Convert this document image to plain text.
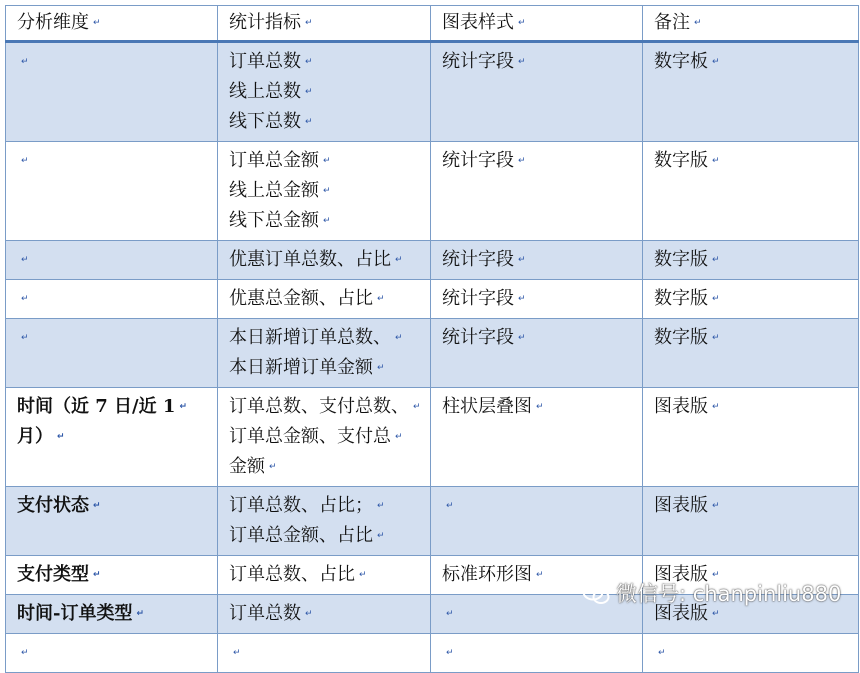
分析维度 ↵	统计指标 ↵	图表样式 ↵	备注 ↵

↵	订单总数 ↵
线上总数 ↵
线下总数 ↵	统计字段 ↵	数字板 ↵

↵	订单总金额 ↵
线上总金额 ↵
线下总金额 ↵	统计字段 ↵	数字版 ↵

↵	优惠订单总数、占比 ↵	统计字段 ↵	数字版 ↵

↵	优惠总金额、占比 ↵	统计字段 ↵	数字版 ↵

↵	本日新增订单总数、 ↵
本日新增订单金额 ↵	统计字段 ↵	数字版 ↵

时间（近 7 日/近 1 ↵
月） ↵	订单总数、支付总数、 ↵
订单总金额、支付总 ↵
金额 ↵	柱状层叠图 ↵	图表版 ↵

支付状态 ↵	订单总数、占比； ↵
订单总金额、占比 ↵	↵	图表版 ↵

支付类型 ↵	订单总数、占比 ↵	标准环形图 ↵	图表版 ↵

时间-订单类型 ↵	订单总数 ↵	↵	图表版 ↵

↵	↵	↵	↵
微信号: chanpinliu880
